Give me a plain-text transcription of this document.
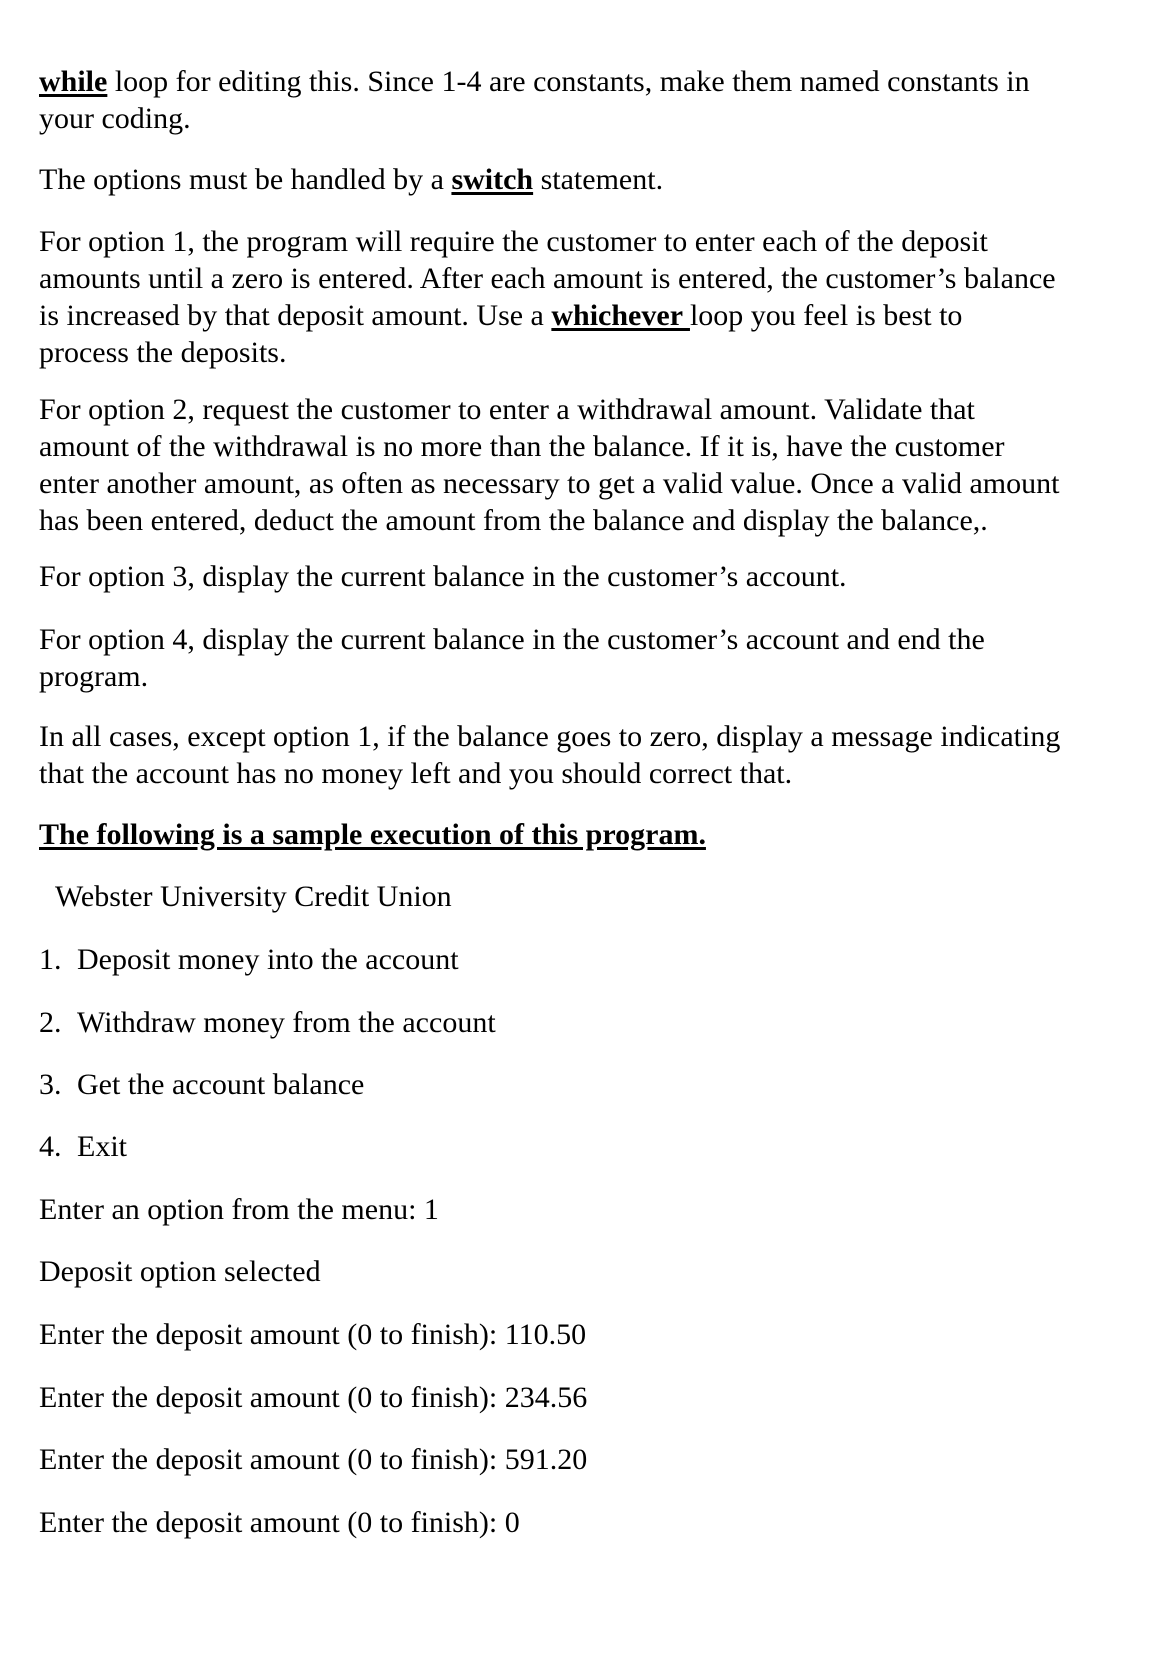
while loop for editing this. Since 1-4 are constants, make them named constants in
your coding.
The options must be handled by a switch statement.
For option 1, the program will require the customer to enter each of the deposit
amounts until a zero is entered. After each amount is entered, the customer’s balance
is increased by that deposit amount. Use a whichever loop you feel is best to
process the deposits.
For option 2, request the customer to enter a withdrawal amount. Validate that
amount of the withdrawal is no more than the balance. If it is, have the customer
enter another amount, as often as necessary to get a valid value. Once a valid amount
has been entered, deduct the amount from the balance and display the balance,.
For option 3, display the current balance in the customer’s account.
For option 4, display the current balance in the customer’s account and end the
program.
In all cases, except option 1, if the balance goes to zero, display a message indicating
that the account has no money left and you should correct that.
The following is a sample execution of this program.
Webster University Credit Union
1. Deposit money into the account
2. Withdraw money from the account
3. Get the account balance
4. Exit
Enter an option from the menu: 1
Deposit option selected
Enter the deposit amount (0 to finish): 110.50
Enter the deposit amount (0 to finish): 234.56
Enter the deposit amount (0 to finish): 591.20
Enter the deposit amount (0 to finish): 0
